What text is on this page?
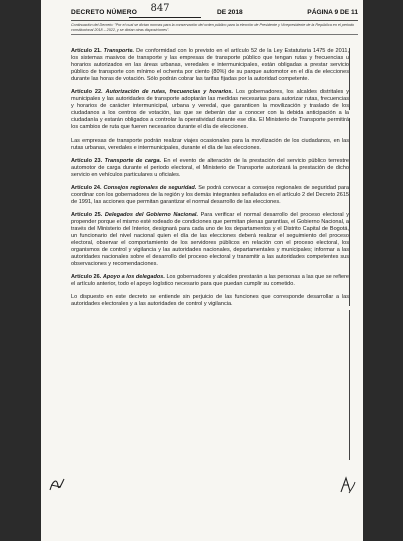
DECRETO NÚMERO	847	DE 2018	PÁGINA 9 DE 11
Continuación del Decreto: "Por el cual se dictan normas para la conservación del orden público para la elección de Presidente y Vicepresidente de la República en el periodo constitucional 2018 – 2022, y se dictan otras disposiciones".

Artículo 21. Transporte. De conformidad con lo previsto en el artículo 52 de la Ley Estatutaria 1475 de 2011, los sistemas masivos de transporte y las empresas de transporte público que tengan rutas y frecuencias u horarios autorizados en las áreas urbanas, veredales e intermunicipales, están obligadas a prestar servicio público de transporte con mínimo el ochenta por ciento (80%) de su parque automotor en el día de elecciones durante las horas de votación. Sólo podrán cobrar las tarifas fijadas por la autoridad competente.

Artículo 22. Autorización de rutas, frecuencias y horarios. Los gobernadores, los alcaldes distritales y municipales y las autoridades de transporte adoptarán las medidas necesarias para autorizar rutas, frecuencias y horarios de carácter intermunicipal, urbana y veredal, que garanticen la movilización y traslado de los ciudadanos a los centros de votación, las que se deberán dar a conocer con la debida anticipación a la ciudadanía y estarán obligados a controlar la operatividad durante ese día. El Ministerio de Transporte permitirá los cambios de ruta que fueren necesarios durante el día de elecciones.

Las empresas de transporte podrán realizar viajes ocasionales para la movilización de los ciudadanos, en las rutas urbanas, veredales e intermunicipales, durante el día de las elecciones.

Artículo 23. Transporte de carga. En el evento de alteración de la prestación del servicio público terrestre automotor de carga durante el periodo electoral, el Ministerio de Transporte autorizará la prestación de dicho servicio en vehículos particulares u oficiales.

Artículo 24. Consejos regionales de seguridad. Se podrá convocar a consejos regionales de seguridad para coordinar con los gobernadores de la región y los demás integrantes señalados en el artículo 2 del Decreto 2615 de 1991, las acciones que permitan garantizar el normal desarrollo de las elecciones.

Artículo 25. Delegados del Gobierno Nacional. Para verificar el normal desarrollo del proceso electoral y propender porque el mismo esté rodeado de condiciones que permitan plenas garantías, el Gobierno Nacional, a través del Ministerio del Interior, designará para cada uno de los departamentos y el Distrito Capital de Bogotá, un funcionario del nivel nacional quien el día de las elecciones deberá realizar el seguimiento del proceso electoral, observar el comportamiento de los servidores públicos en relación con el proceso electoral, los organismos de control y vigilancia y las autoridades nacionales, departamentales y municipales; informar a las autoridades nacionales sobre el desarrollo del proceso electoral y transmitir a las autoridades competentes sus observaciones y recomendaciones.

Artículo 26. Apoyo a los delegados. Los gobernadores y alcaldes prestarán a las personas a las que se refiere el artículo anterior, todo el apoyo logístico necesario para que puedan cumplir su cometido.

Lo dispuesto en este decreto se entiende sin perjuicio de las funciones que corresponde desarrollar a las autoridades electorales y a las autoridades de control y vigilancia.
